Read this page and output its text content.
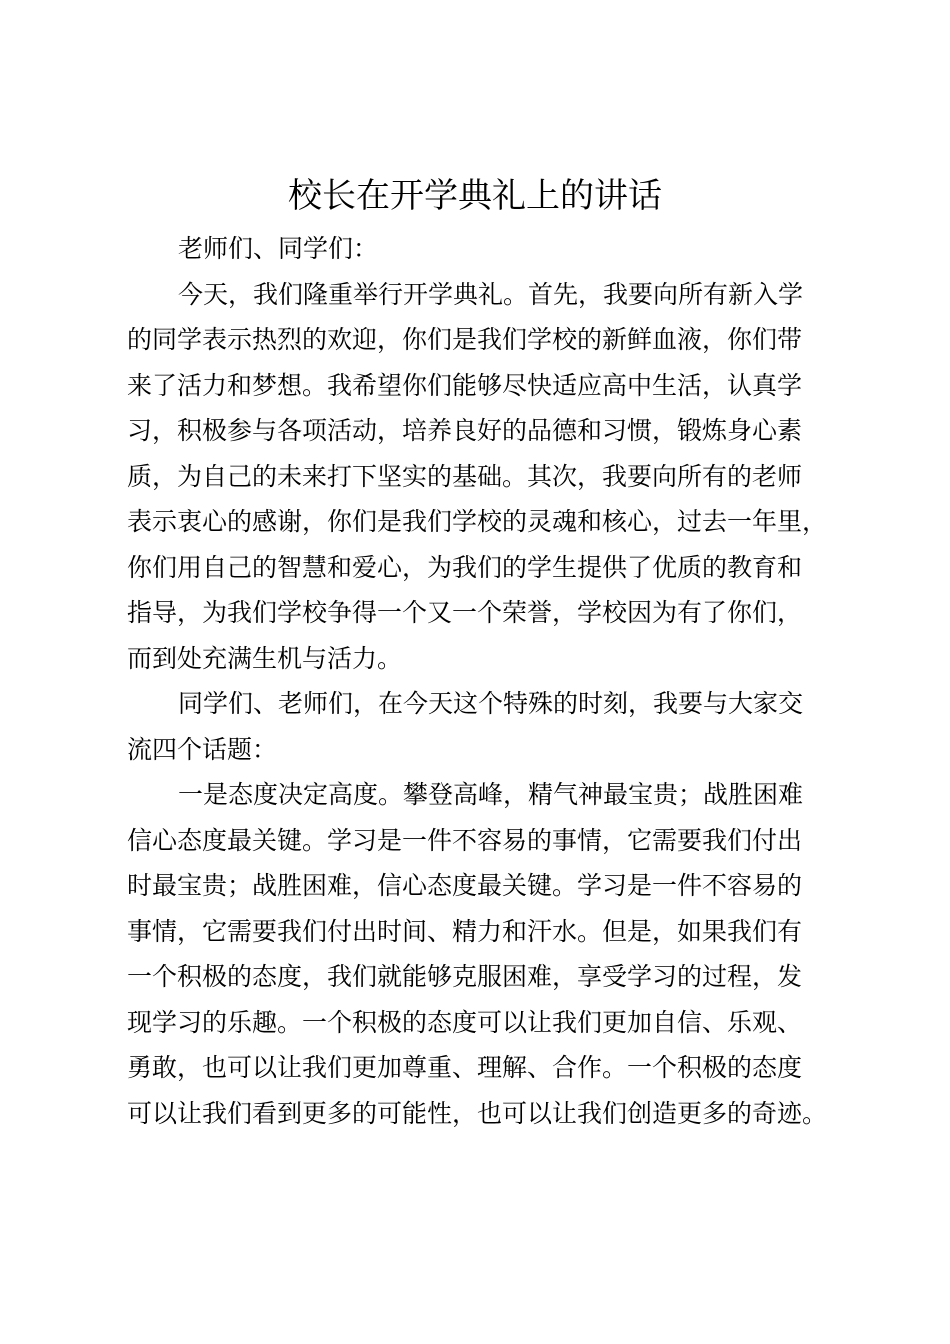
校长在开学典礼上的讲话
老师们、同学们：
今天，我们隆重举行开学典礼。首先，我要向所有新入学
的同学表示热烈的欢迎，你们是我们学校的新鲜血液，你们带
来了活力和梦想。我希望你们能够尽快适应高中生活，认真学
习，积极参与各项活动，培养良好的品德和习惯，锻炼身心素
质，为自己的未来打下坚实的基础。其次，我要向所有的老师
表示衷心的感谢，你们是我们学校的灵魂和核心，过去一年里，
你们用自己的智慧和爱心，为我们的学生提供了优质的教育和
指导，为我们学校争得一个又一个荣誉，学校因为有了你们，
而到处充满生机与活力。
同学们、老师们，在今天这个特殊的时刻，我要与大家交
流四个话题：
一是态度决定高度。攀登高峰，精气神最宝贵；战胜困难
信心态度最关键。学习是一件不容易的事情，它需要我们付出
时最宝贵；战胜困难，信心态度最关键。学习是一件不容易的
事情，它需要我们付出时间、精力和汗水。但是，如果我们有
一个积极的态度，我们就能够克服困难，享受学习的过程，发
现学习的乐趣。一个积极的态度可以让我们更加自信、乐观、
勇敢，也可以让我们更加尊重、理解、合作。一个积极的态度
可以让我们看到更多的可能性，也可以让我们创造更多的奇迹。
